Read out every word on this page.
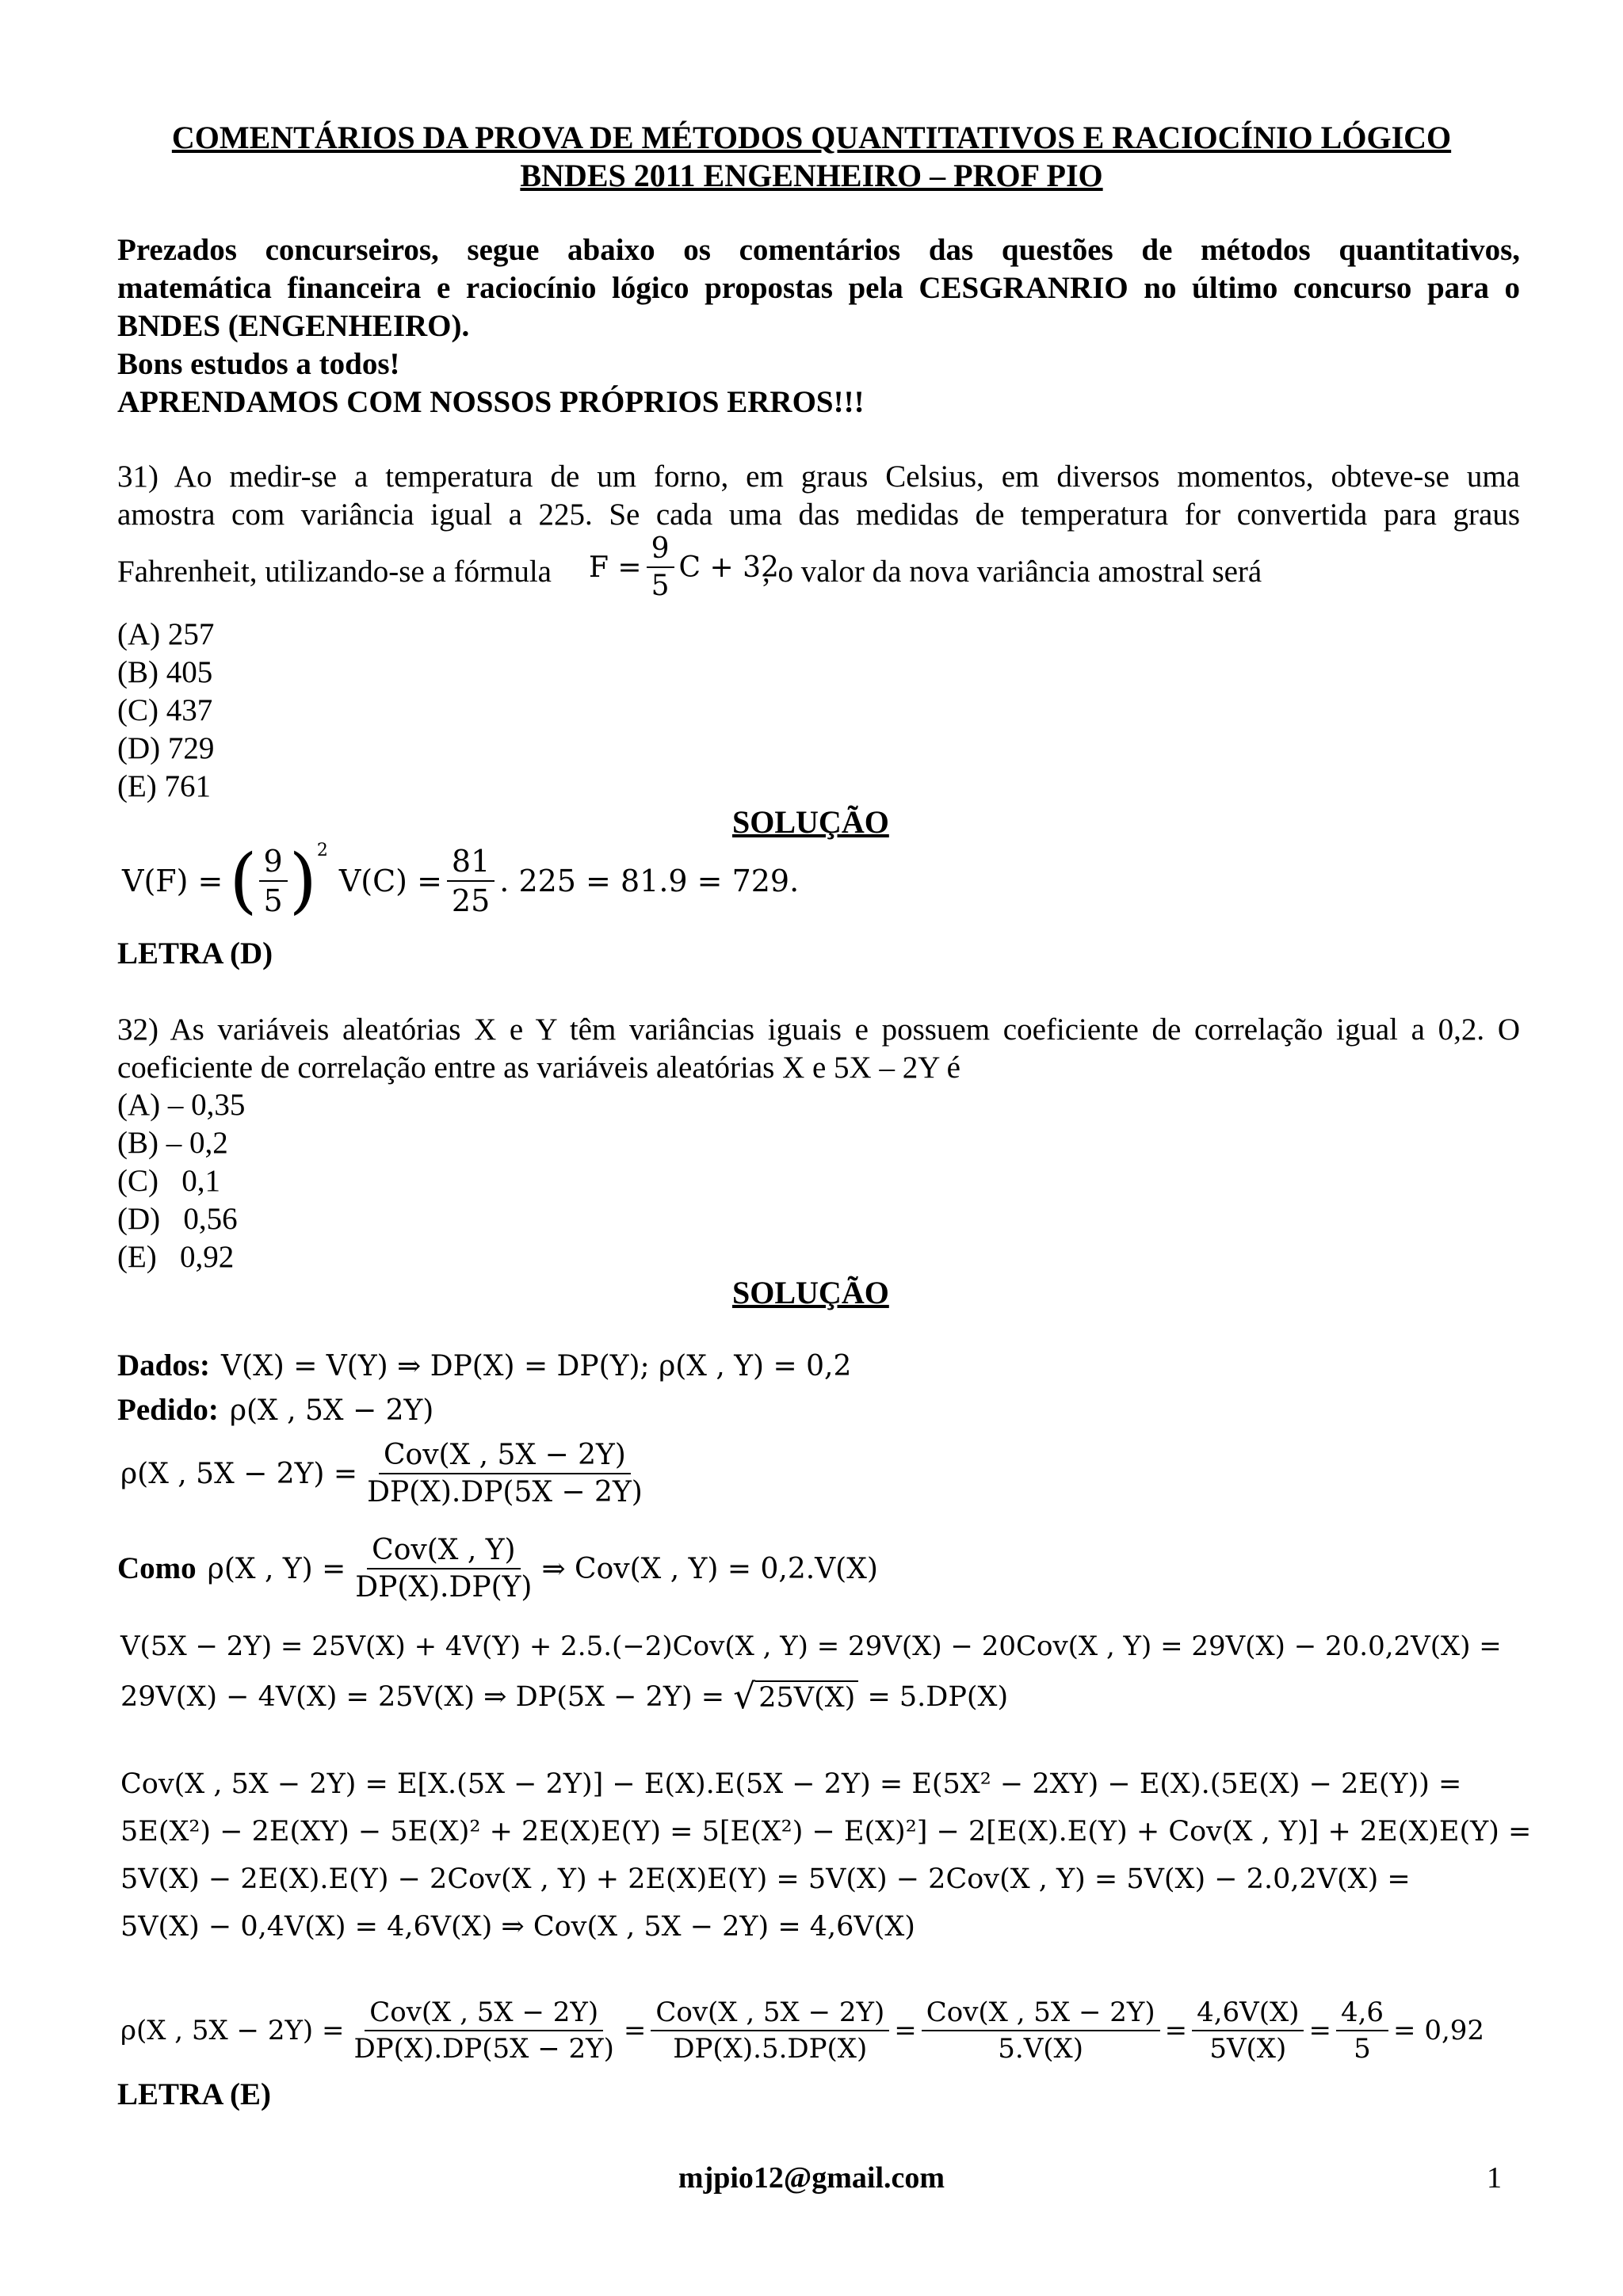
COMENTÁRIOS DA PROVA DE MÉTODOS QUANTITATIVOS E RACIOCÍNIO LÓGICO
BNDES 2011 ENGENHEIRO – PROF PIO
Prezados concurseiros, segue abaixo os comentários das questões de métodos quantitativos,
matemática financeira e raciocínio lógico propostas pela CESGRANRIO no último concurso para o
BNDES (ENGENHEIRO).
Bons estudos a todos!
APRENDAMOS COM NOSSOS PRÓPRIOS ERROS!!!
31) Ao medir-se a temperatura de um forno, em graus Celsius, em diversos momentos, obteve-se uma
amostra com variância igual a 225. Se cada uma das medidas de temperatura for convertida para graus
Fahrenheit, utilizando-se a fórmula $F = \frac{9}{5}$ C + 32
, o valor da nova variância amostral será
(A) 257
(B) 405
(C) 437
(D) 729
(E) 761
SOLUÇÃO
V(F) = ( $\frac{9}{5}$ ) 2
$V(C) = \frac{81}{25}$ . 225 = 81.9 = 729.
LETRA (D)
32) As variáveis aleatórias X e Y têm variâncias iguais e possuem coeficiente de correlação igual a 0,2. O
coeficiente de correlação entre as variáveis aleatórias X e 5X – 2Y é
(A) – 0,35
(B) – 0,2
(C)   0,1
(D)   0,56
(E)   0,92
SOLUÇÃO
Dados: V(X) = V(Y) ⇒ DP(X) = DP(Y); ρ(X , Y) = 0,2
Pedido: ρ(X , 5X − 2Y)
ρ(X , $5X - 2Y) = \frac{\text{Cov(X , 5X − 2Y)}}{DP(X).DP(5X - 2Y)}$
Como ρ(X , $Y) = \frac{\text{Cov(X , Y)}}{DP(X).DP(Y)}$ ⇒ Cov(X , Y) = 0,2.V(X)
V(5X − 2Y) = 25V(X) + 4V(Y) + 2.5.(−2)Cov(X , Y) = 29V(X) − 20Cov(X , Y) = 29V(X) − 20.0,2V(X) =
29V(X) − 4V(X) = 25V(X) ⇒ DP(5X − 2Y) = √ 25V(X) = 5.DP(X)
Cov(X , 5X − 2Y) = E[X.(5X − 2Y)] − E(X).E(5X − 2Y) = E(5X² − 2XY) − E(X).(5E(X) − 2E(Y)) =
5E(X²) − 2E(XY) − 5E(X)² + 2E(X)E(Y) = 5[E(X²) − E(X)²] − 2[E(X).E(Y) + Cov(X , Y)] + 2E(X)E(Y) =
5V(X) − 2E(X).E(Y) − 2Cov(X , Y) + 2E(X)E(Y) = 5V(X) − 2Cov(X , Y) = 5V(X) − 2.0,2V(X) =
5V(X) − 0,4V(X) = 4,6V(X) ⇒ Cov(X , 5X − 2Y) = 4,6V(X)
ρ(X , $5X - 2Y) = \frac{\text{Cov(X , 5X − 2Y)}}{DP(X).DP(5X - 2Y)} = \frac{\text{Cov(X , 5X − 2Y)}}{DP(X).5.DP(X)} = \frac{\text{Cov(X , 5X − 2Y)}}{5.V(X)} = \frac{4,6V(X)}{5V(X)} = \frac{4,6}{5} = 0,92$
LETRA (E)
mjpio12@gmail.com	1
